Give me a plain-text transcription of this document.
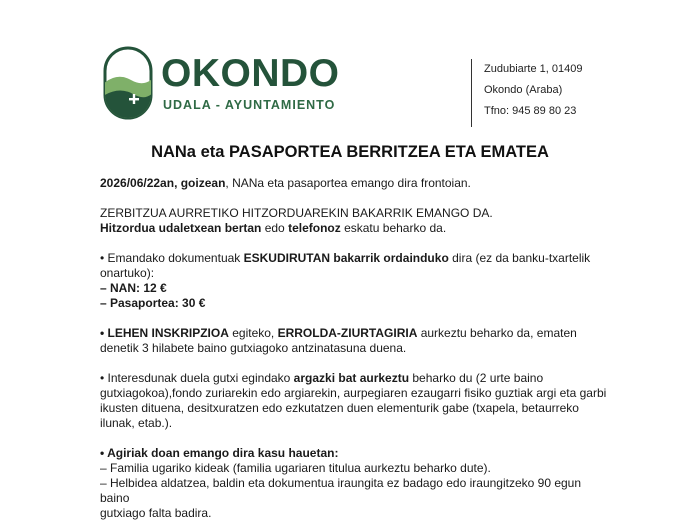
OKONDO
UDALA - AYUNTAMIENTO
Zudubiarte 1, 01409
Okondo (Araba)
Tfno: 945 89 80 23
NANa eta PASAPORTEA BERRITZEA ETA EMATEA

2026/06/22an, goizean, NANa eta pasaportea emango dira frontoian.

ZERBITZUA AURRETIKO HITZORDUAREKIN BAKARRIK EMANGO DA.
Hitzordua udaletxean bertan edo telefonoz eskatu beharko da.

• Emandako dokumentuak ESKUDIRUTAN bakarrik ordainduko dira (ez da banku-txartelik
onartuko):
– NAN: 12 €
– Pasaportea: 30 €

• LEHEN INSKRIPZIOA egiteko, ERROLDA-ZIURTAGIRIA aurkeztu beharko da, ematen
denetik 3 hilabete baino gutxiagoko antzinatasuna duena.

• Interesdunak duela gutxi egindako argazki bat aurkeztu beharko du (2 urte baino
gutxiagokoa),fondo zuriarekin edo argiarekin, aurpegiaren ezaugarri fisiko guztiak argi eta garbi
ikusten dituena, desitxuratzen edo ezkutatzen duen elementurik gabe (txapela, betaurreko
ilunak, etab.).

• Agiriak doan emango dira kasu hauetan:
– Familia ugariko kideak (familia ugariaren titulua aurkeztu beharko dute).
– Helbidea aldatzea, baldin eta dokumentua iraungita ez badago edo iraungitzeko 90 egun
baino
gutxiago falta badira.
